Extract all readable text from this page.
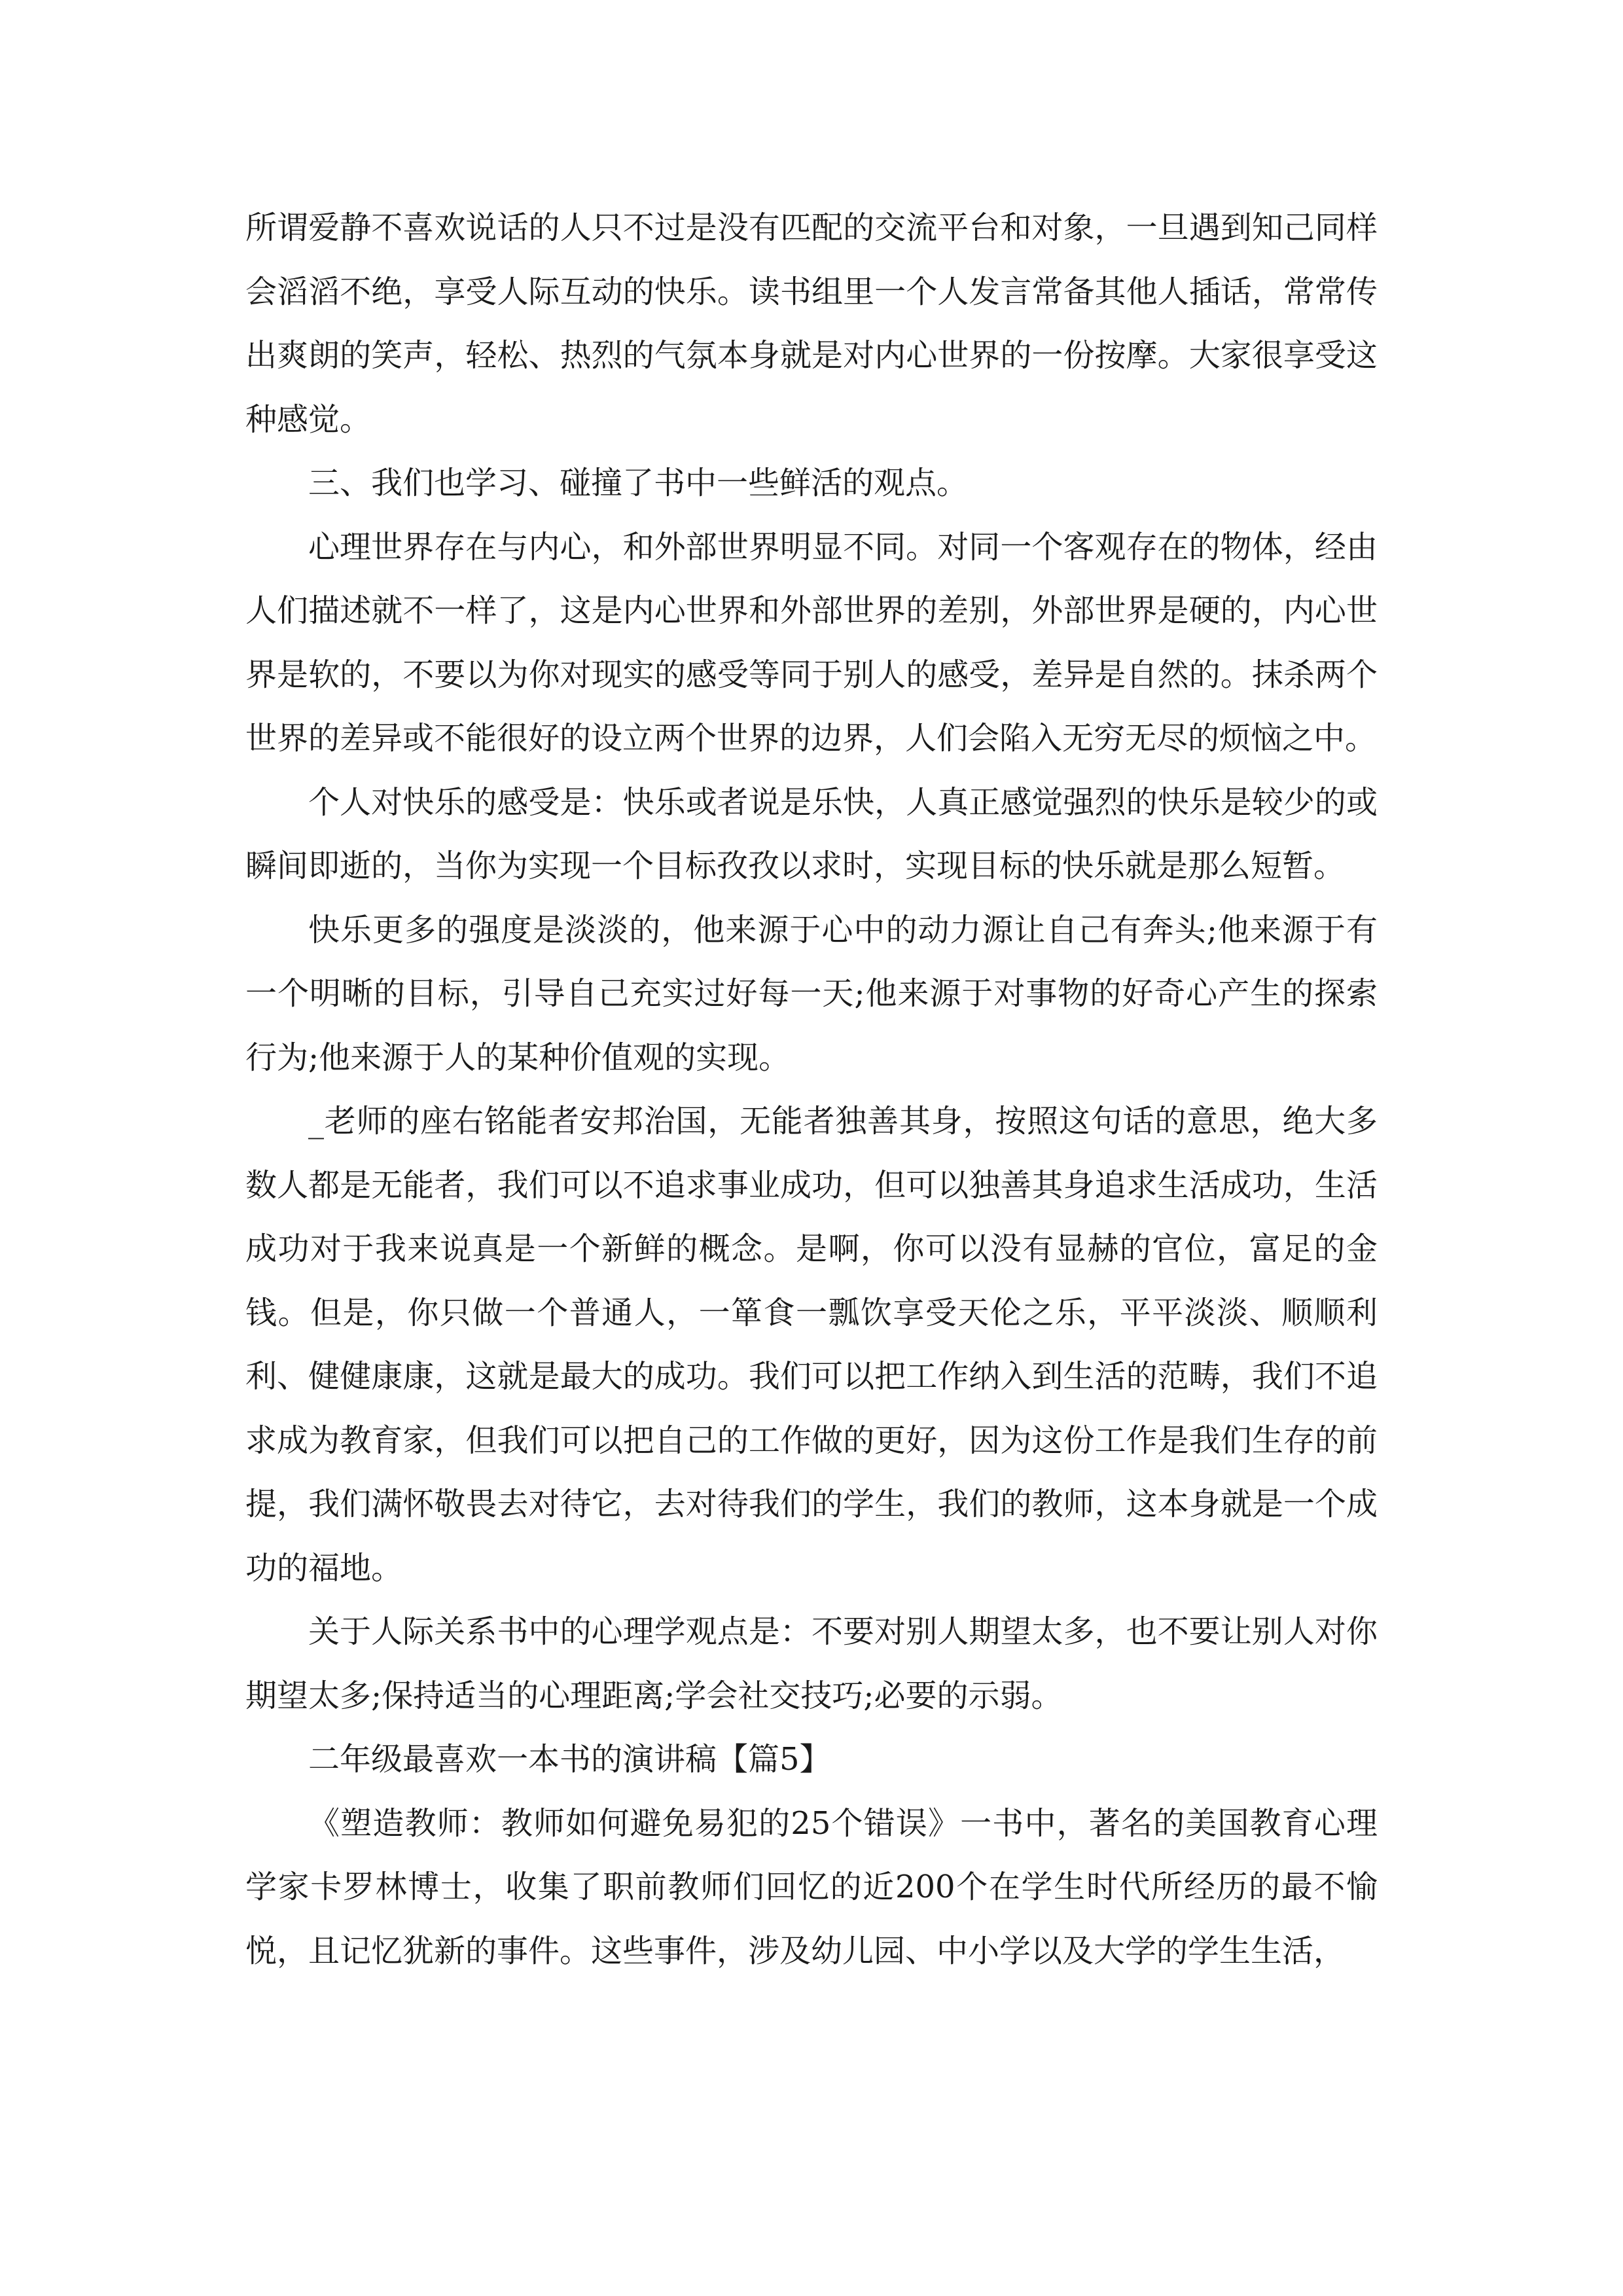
所谓爱静不喜欢说话的人只不过是没有匹配的交流平台和对象，一旦遇到知己同样会滔滔不绝，享受人际互动的快乐。读书组里一个人发言常备其他人插话，常常传出爽朗的笑声，轻松、热烈的气氛本身就是对内心世界的一份按摩。大家很享受这种感觉。

三、我们也学习、碰撞了书中一些鲜活的观点。

心理世界存在与内心，和外部世界明显不同。对同一个客观存在的物体，经由人们描述就不一样了，这是内心世界和外部世界的差别，外部世界是硬的，内心世界是软的，不要以为你对现实的感受等同于别人的感受，差异是自然的。抹杀两个世界的差异或不能很好的设立两个世界的边界，人们会陷入无穷无尽的烦恼之中。

个人对快乐的感受是：快乐或者说是乐快，人真正感觉强烈的快乐是较少的或瞬间即逝的，当你为实现一个目标孜孜以求时，实现目标的快乐就是那么短暂。

快乐更多的强度是淡淡的，他来源于心中的动力源让自己有奔头;他来源于有一个明晰的目标，引导自己充实过好每一天;他来源于对事物的好奇心产生的探索行为;他来源于人的某种价值观的实现。

_老师的座右铭能者安邦治国，无能者独善其身，按照这句话的意思，绝大多数人都是无能者，我们可以不追求事业成功，但可以独善其身追求生活成功，生活成功对于我来说真是一个新鲜的概念。是啊，你可以没有显赫的官位，富足的金钱。但是，你只做一个普通人，一箪食一瓢饮享受天伦之乐，平平淡淡、顺顺利利、健健康康，这就是最大的成功。我们可以把工作纳入到生活的范畴，我们不追求成为教育家，但我们可以把自己的工作做的更好，因为这份工作是我们生存的前提，我们满怀敬畏去对待它，去对待我们的学生，我们的教师，这本身就是一个成功的福地。

关于人际关系书中的心理学观点是：不要对别人期望太多，也不要让别人对你期望太多;保持适当的心理距离;学会社交技巧;必要的示弱。

二年级最喜欢一本书的演讲稿【篇5】

《塑造教师：教师如何避免易犯的25个错误》一书中，著名的美国教育心理学家卡罗林博士，收集了职前教师们回忆的近200个在学生时代所经历的最不愉悦，且记忆犹新的事件。这些事件，涉及幼儿园、中小学以及大学的学生生活，
